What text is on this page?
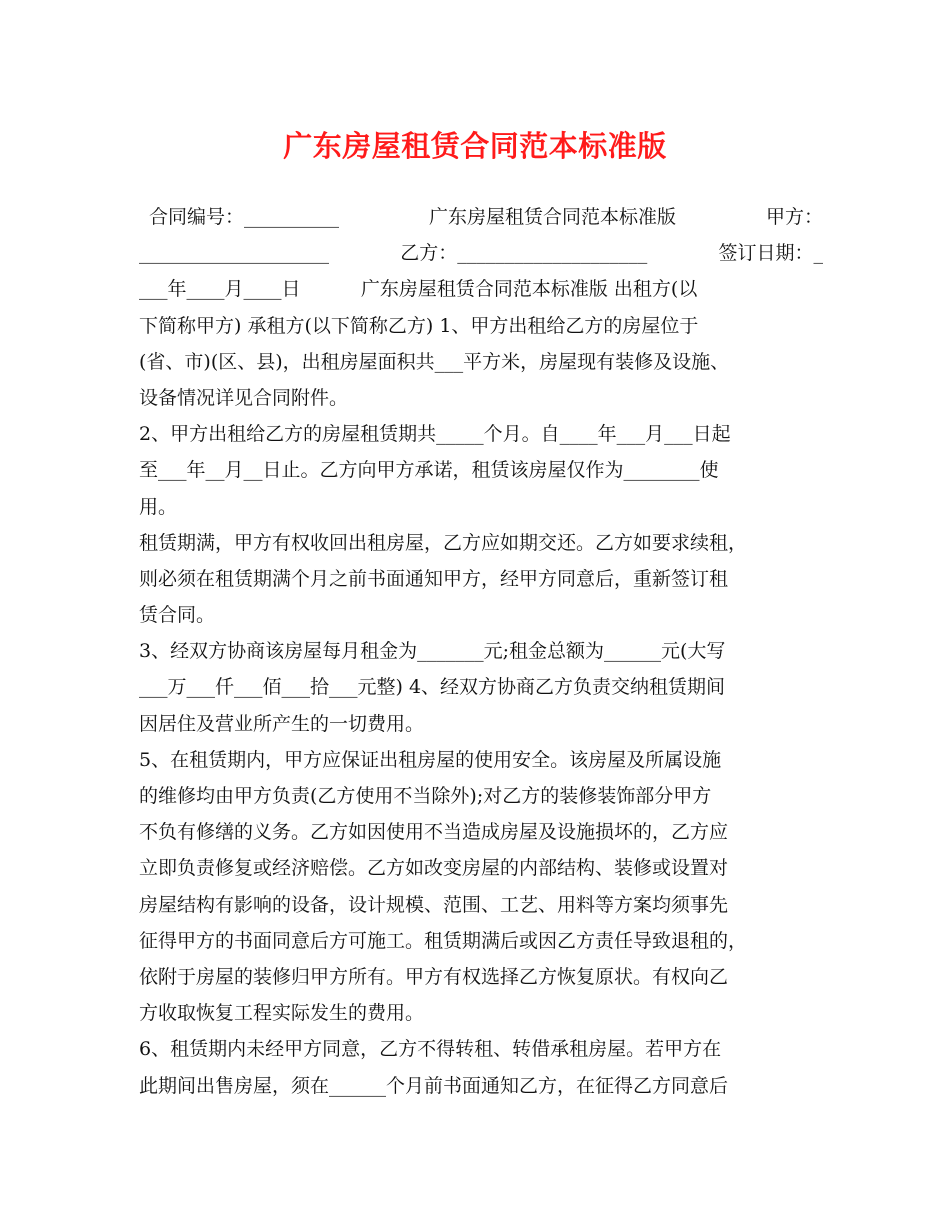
广东房屋租赁合同范本标准版
合同编号：__________	广东房屋租赁合同范本标准版	甲方：
____________________	乙方：____________________	签订日期：_
___年____月____日          广东房屋租赁合同范本标准版 出租方(以
下简称甲方) 承租方(以下简称乙方) 1、甲方出租给乙方的房屋位于
(省、市)(区、县)，出租房屋面积共___平方米，房屋现有装修及设施、
设备情况详见合同附件。
2、甲方出租给乙方的房屋租赁期共_____个月。自____年___月___日起
至___年__月__日止。乙方向甲方承诺，租赁该房屋仅作为________使
用。
租赁期满，甲方有权收回出租房屋，乙方应如期交还。乙方如要求续租，
则必须在租赁期满个月之前书面通知甲方，经甲方同意后，重新签订租
赁合同。
3、经双方协商该房屋每月租金为_______元;租金总额为______元(大写
___万___仟___佰___拾___元整) 4、经双方协商乙方负责交纳租赁期间
因居住及营业所产生的一切费用。
5、在租赁期内，甲方应保证出租房屋的使用安全。该房屋及所属设施
的维修均由甲方负责(乙方使用不当除外);对乙方的装修装饰部分甲方
不负有修缮的义务。乙方如因使用不当造成房屋及设施损坏的，乙方应
立即负责修复或经济赔偿。乙方如改变房屋的内部结构、装修或设置对
房屋结构有影响的设备，设计规模、范围、工艺、用料等方案均须事先
征得甲方的书面同意后方可施工。租赁期满后或因乙方责任导致退租的，
依附于房屋的装修归甲方所有。甲方有权选择乙方恢复原状。有权向乙
方收取恢复工程实际发生的费用。
6、租赁期内未经甲方同意，乙方不得转租、转借承租房屋。若甲方在
此期间出售房屋，须在______个月前书面通知乙方，在征得乙方同意后
